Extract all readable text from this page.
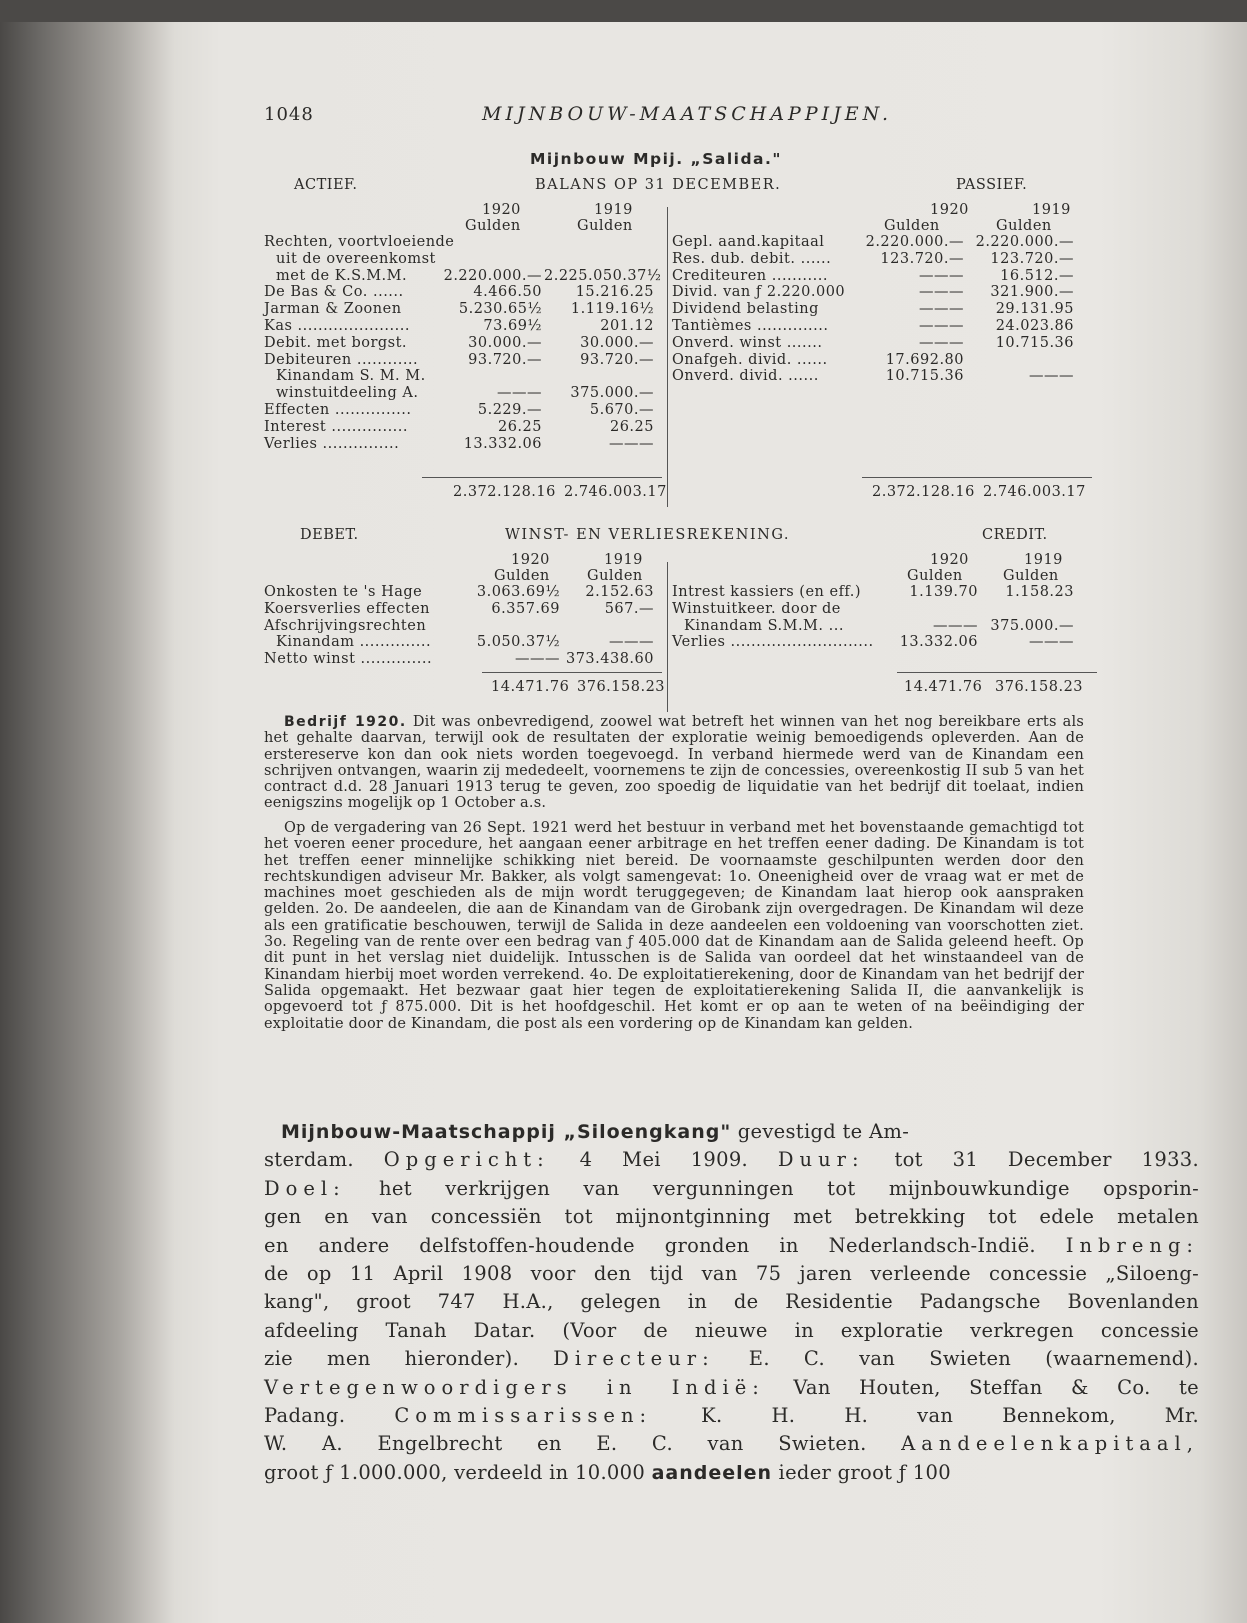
1048	MIJNBOUW-MAATSCHAPPIJEN.
Mijnbouw Mpij. „Salida."
ACTIEF.	BALANS OP 31 DECEMBER.	PASSIEF.
1920	1919
Gulden	Gulden
1920	1919
Gulden	Gulden
Rechten, voortvloeiende
uit de overeenkomst
met de K.S.M.M.	2.220.000.— 2.225.050.37½
De Bas & Co. ......	4.466.50	15.216.25
Jarman & Zoonen	5.230.65½	1.119.16½
Kas ......................	73.69½	201.12
Debit. met borgst.	30.000.—	30.000.—
Debiteuren ............	93.720.—	93.720.—
Kinandam S. M. M.
winstuitdeeling A.	———	375.000.—
Effecten ...............	5.229.—	5.670.—
Interest ...............	26.25	26.25
Verlies ...............	13.332.06	———
Gepl. aand.kapitaal	2.220.000.— 2.220.000.—
Res. dub. debit. ......	123.720.—	123.720.—
Crediteuren ...........	———	16.512.—
Divid. van ƒ 2.220.000	———	321.900.—
Dividend belasting	———	29.131.95
Tantièmes ..............	———	24.023.86
Onverd. winst .......	———	10.715.36
Onafgeh. divid. ......	17.692.80
Onverd. divid. ......	10.715.36	———
2.372.128.16 2.746.003.17	2.372.128.16 2.746.003.17
DEBET.	WINST- EN VERLIESREKENING.	CREDIT.
1920	1919
Gulden	Gulden
1920	1919
Gulden	Gulden
Onkosten te 's Hage	3.063.69½	2.152.63
Koersverlies effecten	6.357.69	567.—
Afschrijvingsrechten
Kinandam ..............	5.050.37½	———
Netto winst ..............	——— 373.438.60
Intrest kassiers (en eff.)	1.139.70	1.158.23
Winstuitkeer. door de
Kinandam S.M.M. ...	——— 375.000.—
Verlies ............................	13.332.06	———
14.471.76 376.158.23	14.471.76 376.158.23
Bedrijf 1920. Dit was onbevredigend, zoowel wat betreft het winnen van het nog bereikbare erts als het gehalte daarvan, terwijl ook de resultaten der exploratie weinig bemoedigends opleverden. Aan de erstereserve kon dan ook niets worden toegevoegd. In verband hiermede werd van de Kinandam een schrijven ontvangen, waarin zij mededeelt, voornemens te zijn de concessies, overeenkostig II sub 5 van het contract d.d. 28 Januari 1913 terug te geven, zoo spoedig de liquidatie van het bedrijf dit toelaat, indien eenigszins mogelijk op 1 October a.s.
Op de vergadering van 26 Sept. 1921 werd het bestuur in verband met het bovenstaande gemachtigd tot het voeren eener procedure, het aangaan eener arbitrage en het treffen eener dading. De Kinandam is tot het treffen eener minnelijke schikking niet bereid. De voornaamste geschilpunten werden door den rechtskundigen adviseur Mr. Bakker, als volgt samengevat: 1o. Oneenigheid over de vraag wat er met de machines moet geschieden als de mijn wordt teruggegeven; de Kinandam laat hierop ook aanspraken gelden. 2o. De aandeelen, die aan de Kinandam van de Girobank zijn overgedragen. De Kinandam wil deze als een gratificatie beschouwen, terwijl de Salida in deze aandeelen een voldoening van voorschotten ziet. 3o. Regeling van de rente over een bedrag van ƒ 405.000 dat de Kinandam aan de Salida geleend heeft. Op dit punt in het verslag niet duidelijk. Intusschen is de Salida van oordeel dat het winstaandeel van de Kinandam hierbij moet worden verrekend. 4o. De exploitatierekening, door de Kinandam van het bedrijf der Salida opgemaakt. Het bezwaar gaat hier tegen de exploitatierekening Salida II, die aanvankelijk is opgevoerd tot ƒ 875.000. Dit is het hoofdgeschil. Het komt er op aan te weten of na beëindiging der exploitatie door de Kinandam, die post als een vordering op de Kinandam kan gelden.
Mijnbouw-Maatschappij „Siloengkang" gevestigd te Am-
sterdam. Opgericht: 4 Mei 1909. Duur: tot 31 December 1933.
Doel: het verkrijgen van vergunningen tot mijnbouwkundige opsporin-
gen en van concessiën tot mijnontginning met betrekking tot edele metalen
en andere delfstoffen-houdende gronden in Nederlandsch-Indië. Inbreng:
de op 11 April 1908 voor den tijd van 75 jaren verleende concessie „Siloeng-
kang", groot 747 H.A., gelegen in de Residentie Padangsche Bovenlanden
afdeeling Tanah Datar. (Voor de nieuwe in exploratie verkregen concessie
zie men hieronder). Directeur: E. C. van Swieten (waarnemend).
Vertegenwoordigers in Indië: Van Houten, Steffan & Co. te
Padang. Commissarissen: K. H. H. van Bennekom, Mr.
W. A. Engelbrecht en E. C. van Swieten. Aandeelenkapitaal,
groot ƒ 1.000.000, verdeeld in 10.000 aandeelen ieder groot ƒ 100
